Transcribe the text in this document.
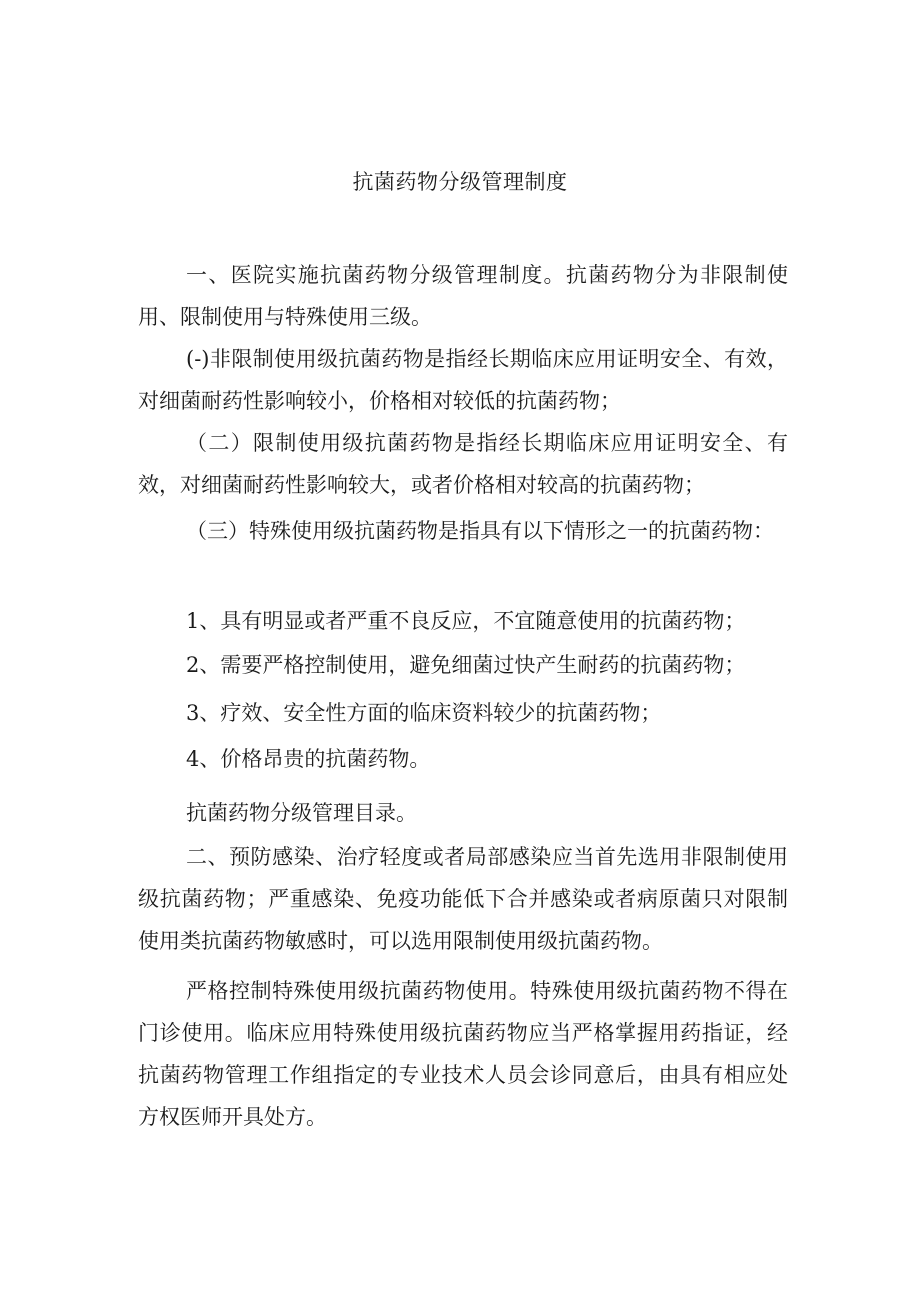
抗菌药物分级管理制度

一、医院实施抗菌药物分级管理制度。抗菌药物分为非限制使用、限制使用与特殊使用三级。

(-)非限制使用级抗菌药物是指经长期临床应用证明安全、有效，对细菌耐药性影响较小，价格相对较低的抗菌药物；

（二）限制使用级抗菌药物是指经长期临床应用证明安全、有效，对细菌耐药性影响较大，或者价格相对较高的抗菌药物；

（三）特殊使用级抗菌药物是指具有以下情形之一的抗菌药物：

1、具有明显或者严重不良反应，不宜随意使用的抗菌药物；

2、需要严格控制使用，避免细菌过快产生耐药的抗菌药物；

3、疗效、安全性方面的临床资料较少的抗菌药物；

4、价格昂贵的抗菌药物。

抗菌药物分级管理目录。

二、预防感染、治疗轻度或者局部感染应当首先选用非限制使用级抗菌药物；严重感染、免疫功能低下合并感染或者病原菌只对限制使用类抗菌药物敏感时，可以选用限制使用级抗菌药物。

严格控制特殊使用级抗菌药物使用。特殊使用级抗菌药物不得在门诊使用。临床应用特殊使用级抗菌药物应当严格掌握用药指证，经抗菌药物管理工作组指定的专业技术人员会诊同意后，由具有相应处方权医师开具处方。
